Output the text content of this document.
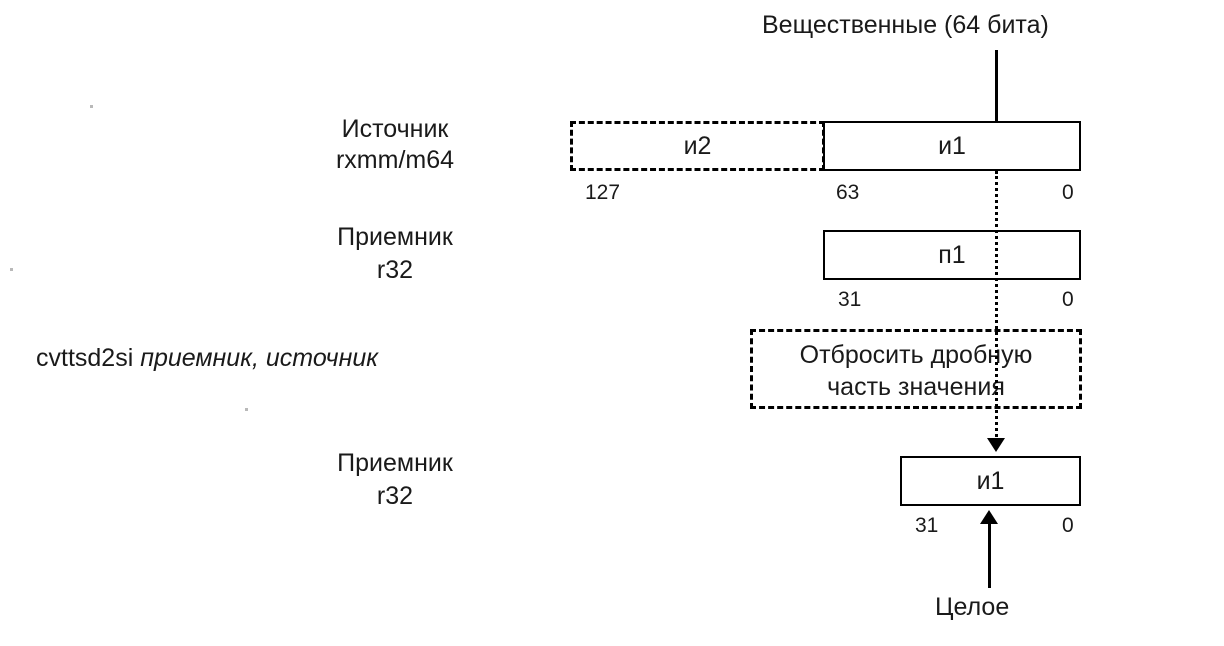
Вещественные (64 бита)
Источник
rxmm/m64
и2	и1
127	63	0
Приемник
r32
п1
31	0
cvttsd2si приемник, источник	Отбросить дробную
часть значения
Приемник
r32
и1
31	0
Целое
